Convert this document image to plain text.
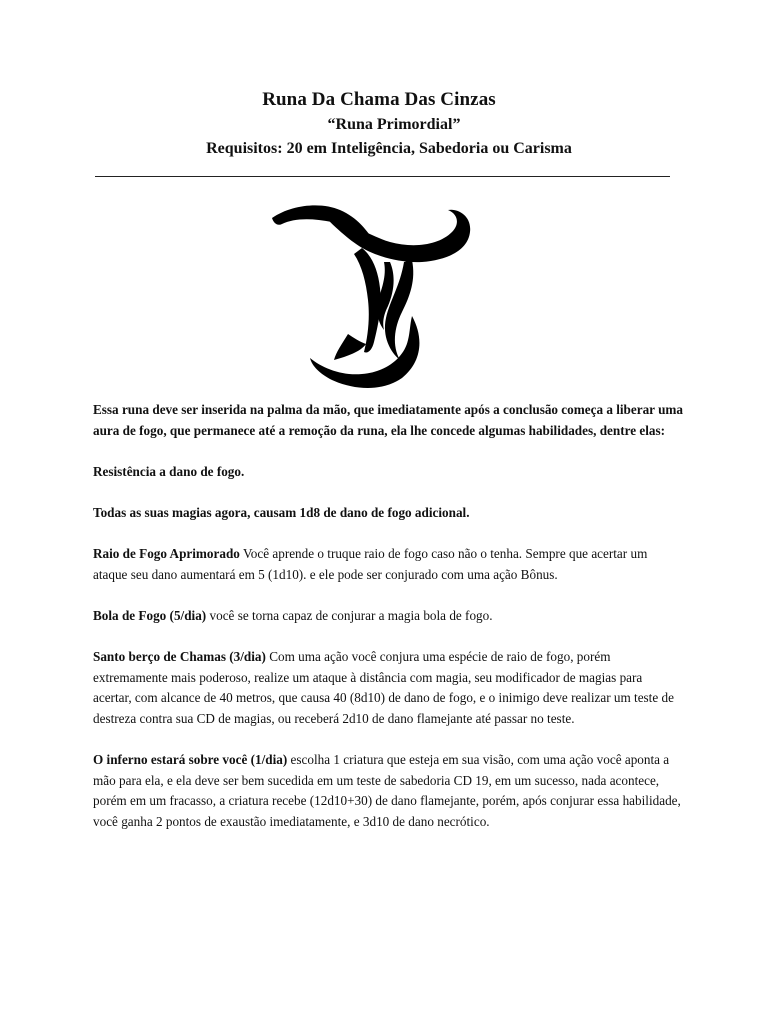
Runa Da Chama Das Cinzas
“Runa Primordial”
Requisitos: 20 em Inteligência, Sabedoria ou Carisma

Essa runa deve ser inserida na palma da mão, que imediatamente após a conclusão começa a liberar uma aura de fogo, que permanece até a remoção da runa, ela lhe concede algumas habilidades, dentre elas:

Resistência a dano de fogo.

Todas as suas magias agora, causam 1d8 de dano de fogo adicional.

Raio de Fogo Aprimorado Você aprende o truque raio de fogo caso não o tenha. Sempre que acertar um ataque seu dano aumentará em 5 (1d10). e ele pode ser conjurado com uma ação Bônus.

Bola de Fogo (5/dia) você se torna capaz de conjurar a magia bola de fogo.

Santo berço de Chamas (3/dia) Com uma ação você conjura uma espécie de raio de fogo, porém extremamente mais poderoso, realize um ataque à distância com magia, seu modificador de magias para acertar, com alcance de 40 metros, que causa 40 (8d10) de dano de fogo, e o inimigo deve realizar um teste de destreza contra sua CD de magias, ou receberá 2d10 de dano flamejante até passar no teste.

O inferno estará sobre você (1/dia) escolha 1 criatura que esteja em sua visão, com uma ação você aponta a mão para ela, e ela deve ser bem sucedida em um teste de sabedoria CD 19, em um sucesso, nada acontece, porém em um fracasso, a criatura recebe (12d10+30) de dano flamejante, porém, após conjurar essa habilidade, você ganha 2 pontos de exaustão imediatamente, e 3d10 de dano necrótico.
